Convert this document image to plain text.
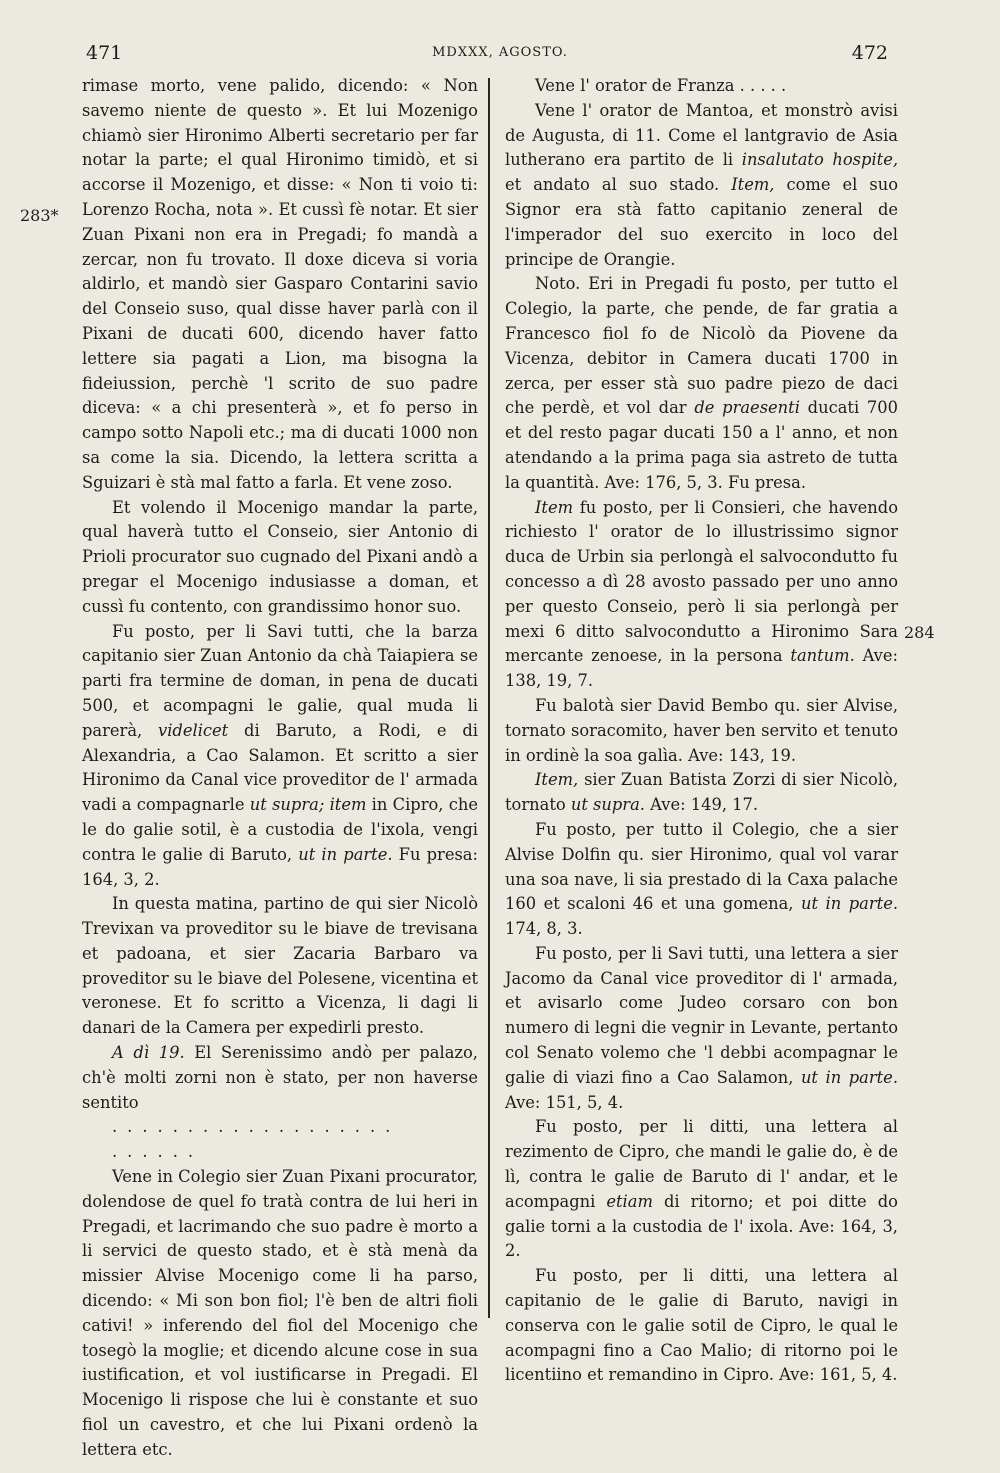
471	MDXXX, AGOSTO.	472
283*
284

rimase morto, vene palido, dicendo: « Non savemo niente de questo ». Et lui Mozenigo chiamò sier Hironimo Alberti secretario per far notar la parte; el qual Hironimo timidò, et si accorse il Mozenigo, et disse: « Non ti voio ti: Lorenzo Rocha, nota ». Et cussì fè notar. Et sier Zuan Pixani non era in Pregadi; fo mandà a zercar, non fu trovato. Il doxe diceva si voria aldirlo, et mandò sier Gasparo Contarini savio del Conseio suso, qual disse haver parlà con il Pixani de ducati 600, dicendo haver fatto lettere sia pagati a Lion, ma bisogna la fideiussion, perchè 'l scrito de suo padre diceva: « a chi presenterà », et fo perso in campo sotto Napoli etc.; ma di ducati 1000 non sa come la sia. Dicendo, la lettera scritta a Sguizari è stà mal fatto a farla. Et vene zoso.

Et volendo il Mocenigo mandar la parte, qual haverà tutto el Conseio, sier Antonio di Prioli procurator suo cugnado del Pixani andò a pregar el Mocenigo indusiasse a doman, et cussì fu contento, con grandissimo honor suo.

Fu posto, per li Savi tutti, che la barza capitanio sier Zuan Antonio da chà Taiapiera se parti fra termine de doman, in pena de ducati 500, et acompagni le galie, qual muda li parerà, videlicet di Baruto, a Rodi, e di Alexandria, a Cao Salamon. Et scritto a sier Hironimo da Canal vice proveditor de l' armada vadi a compagnarle ut supra; item in Cipro, che le do galie sotil, è a custodia de l'ixola, vengi contra le galie di Baruto, ut in parte. Fu presa: 164, 3, 2.

In questa matina, partino de qui sier Nicolò Trevixan va proveditor su le biave de trevisana et padoana, et sier Zacaria Barbaro va proveditor su le biave del Polesene, vicentina et veronese. Et fo scritto a Vicenza, li dagi li danari de la Camera per expedirli presto.

A dì 19. El Serenissimo andò per palazo, ch'è molti zorni non è stato, per non haverse sentito

...................

......

Vene in Colegio sier Zuan Pixani procurator, dolendose de quel fo tratà contra de lui heri in Pregadi, et lacrimando che suo padre è morto a li servici de questo stado, et è stà menà da missier Alvise Mocenigo come li ha parso, dicendo: « Mi son bon fiol; l'è ben de altri fioli cativi! » inferendo del fiol del Mocenigo che tosegò la moglie; et dicendo alcune cose in sua iustification, et vol iustificarse in Pregadi. El Mocenigo li rispose che lui è constante et suo fiol un cavestro, et che lui Pixani ordenò la lettera etc.

Vene l' orator de Franza . . . . .

Vene l' orator de Mantoa, et monstrò avisi de Augusta, di 11. Come el lantgravio de Asia lutherano era partito de li insalutato hospite, et andato al suo stado. Item, come el suo Signor era stà fatto capitanio zeneral de l'imperador del suo exercito in loco del principe de Orangie.

Noto. Eri in Pregadi fu posto, per tutto el Colegio, la parte, che pende, de far gratia a Francesco fiol fo de Nicolò da Piovene da Vicenza, debitor in Camera ducati 1700 in zerca, per esser stà suo padre piezo de daci che perdè, et vol dar de praesenti ducati 700 et del resto pagar ducati 150 a l' anno, et non atendando a la prima paga sia astreto de tutta la quantità. Ave: 176, 5, 3. Fu presa.

Item fu posto, per li Consieri, che havendo richiesto l' orator de lo illustrissimo signor duca de Urbin sia perlongà el salvocondutto fu concesso a dì 28 avosto passado per uno anno per questo Conseio, però li sia perlongà per mexi 6 ditto salvocondutto a Hironimo Sara mercante zenoese, in la persona tantum. Ave: 138, 19, 7.

Fu balotà sier David Bembo qu. sier Alvise, tornato soracomito, haver ben servito et tenuto in ordinè la soa galìa. Ave: 143, 19.

Item, sier Zuan Batista Zorzi di sier Nicolò, tornato ut supra. Ave: 149, 17.

Fu posto, per tutto il Colegio, che a sier Alvise Dolfin qu. sier Hironimo, qual vol varar una soa nave, li sia prestado di la Caxa palache 160 et scaloni 46 et una gomena, ut in parte. 174, 8, 3.

Fu posto, per li Savi tutti, una lettera a sier Jacomo da Canal vice proveditor di l' armada, et avisarlo come Judeo corsaro con bon numero di legni die vegnir in Levante, pertanto col Senato volemo che 'l debbi acompagnar le galie di viazi fino a Cao Salamon, ut in parte. Ave: 151, 5, 4.

Fu posto, per li ditti, una lettera al rezimento de Cipro, che mandi le galie do, è de lì, contra le galie de Baruto di l' andar, et le acompagni etiam di ritorno; et poi ditte do galie torni a la custodia de l' ixola. Ave: 164, 3, 2.

Fu posto, per li ditti, una lettera al capitanio de le galie di Baruto, navigi in conserva con le galie sotil de Cipro, le qual le acompagni fino a Cao Malio; di ritorno poi le licentiino et remandino in Cipro. Ave: 161, 5, 4.
